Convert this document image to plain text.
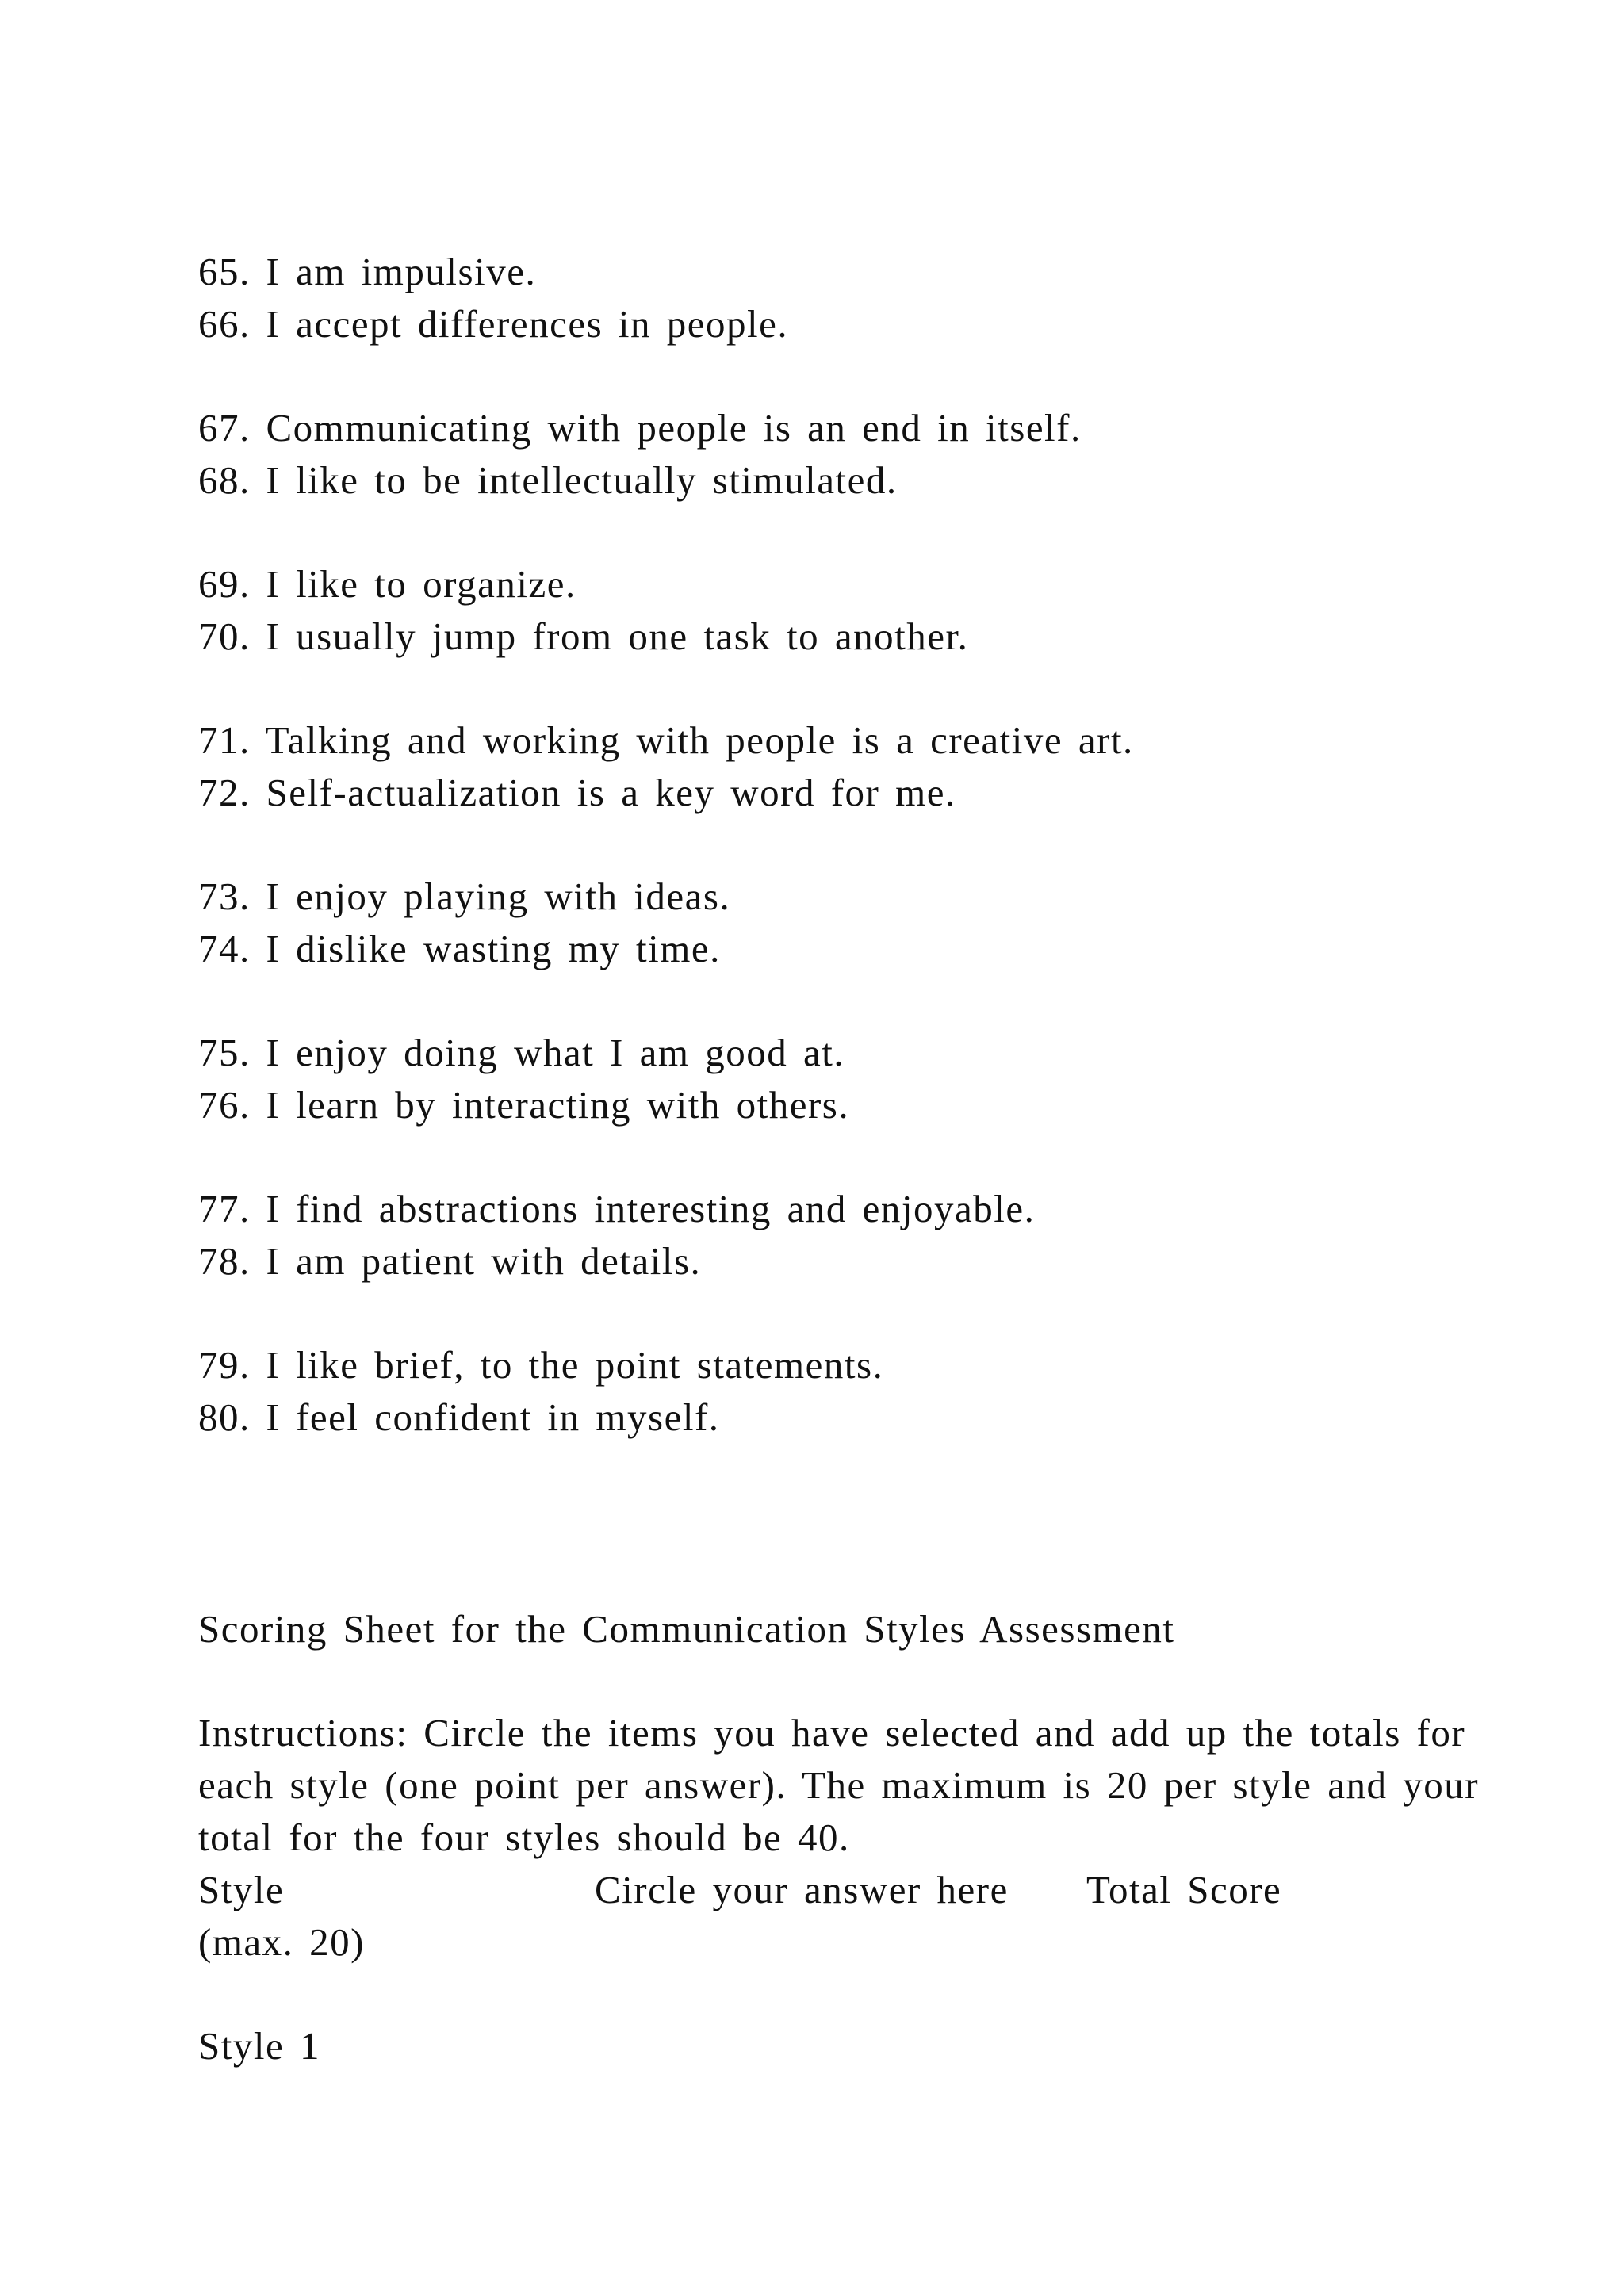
65. I am impulsive.
66. I accept differences in people.
67. Communicating with people is an end in itself.
68. I like to be intellectually stimulated.
69. I like to organize.
70. I usually jump from one task to another.
71. Talking and working with people is a creative art.
72. Self-actualization is a key word for me.
73. I enjoy playing with ideas.
74. I dislike wasting my time.
75. I enjoy doing what I am good at.
76. I learn by interacting with others.
77. I find abstractions interesting and enjoyable.
78. I am patient with details.
79. I like brief, to the point statements.
80. I feel confident in myself.
Scoring Sheet for the Communication Styles Assessment
Instructions: Circle the items you have selected and add up the totals for each style (one point per answer). The maximum is 20 per style and your total for the four styles should be 40.
Style	Circle your answer here Total Score
(max. 20)
Style 1
